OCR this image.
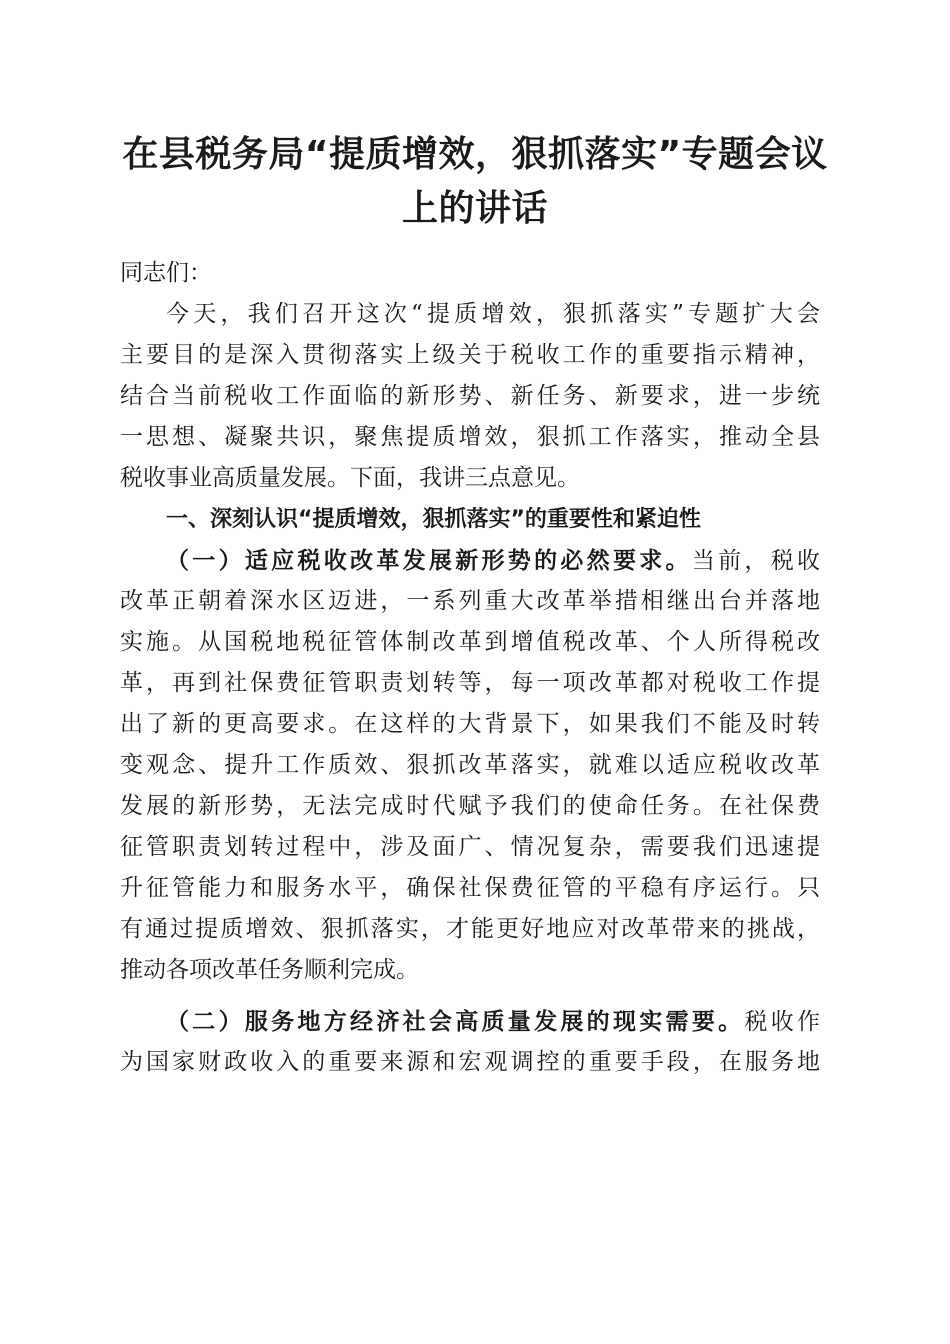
在县税务局“提质增效，狠抓落实”专题会议
上的讲话
同志们：
今天，我们召开这次“提质增效，狠抓落实”专题扩大会
主要目的是深入贯彻落实上级关于税收工作的重要指示精神，
结合当前税收工作面临的新形势、新任务、新要求，进一步统
一思想、凝聚共识，聚焦提质增效，狠抓工作落实，推动全县
税收事业高质量发展。下面，我讲三点意见。
一、深刻认识“提质增效，狠抓落实”的重要性和紧迫性
（一）适应税收改革发展新形势的必然要求。当前，税收
改革正朝着深水区迈进，一系列重大改革举措相继出台并落地
实施。从国税地税征管体制改革到增值税改革、个人所得税改
革，再到社保费征管职责划转等，每一项改革都对税收工作提
出了新的更高要求。在这样的大背景下，如果我们不能及时转
变观念、提升工作质效、狠抓改革落实，就难以适应税收改革
发展的新形势，无法完成时代赋予我们的使命任务。在社保费
征管职责划转过程中，涉及面广、情况复杂，需要我们迅速提
升征管能力和服务水平，确保社保费征管的平稳有序运行。只
有通过提质增效、狠抓落实，才能更好地应对改革带来的挑战，
推动各项改革任务顺利完成。
（二）服务地方经济社会高质量发展的现实需要。税收作
为国家财政收入的重要来源和宏观调控的重要手段，在服务地
